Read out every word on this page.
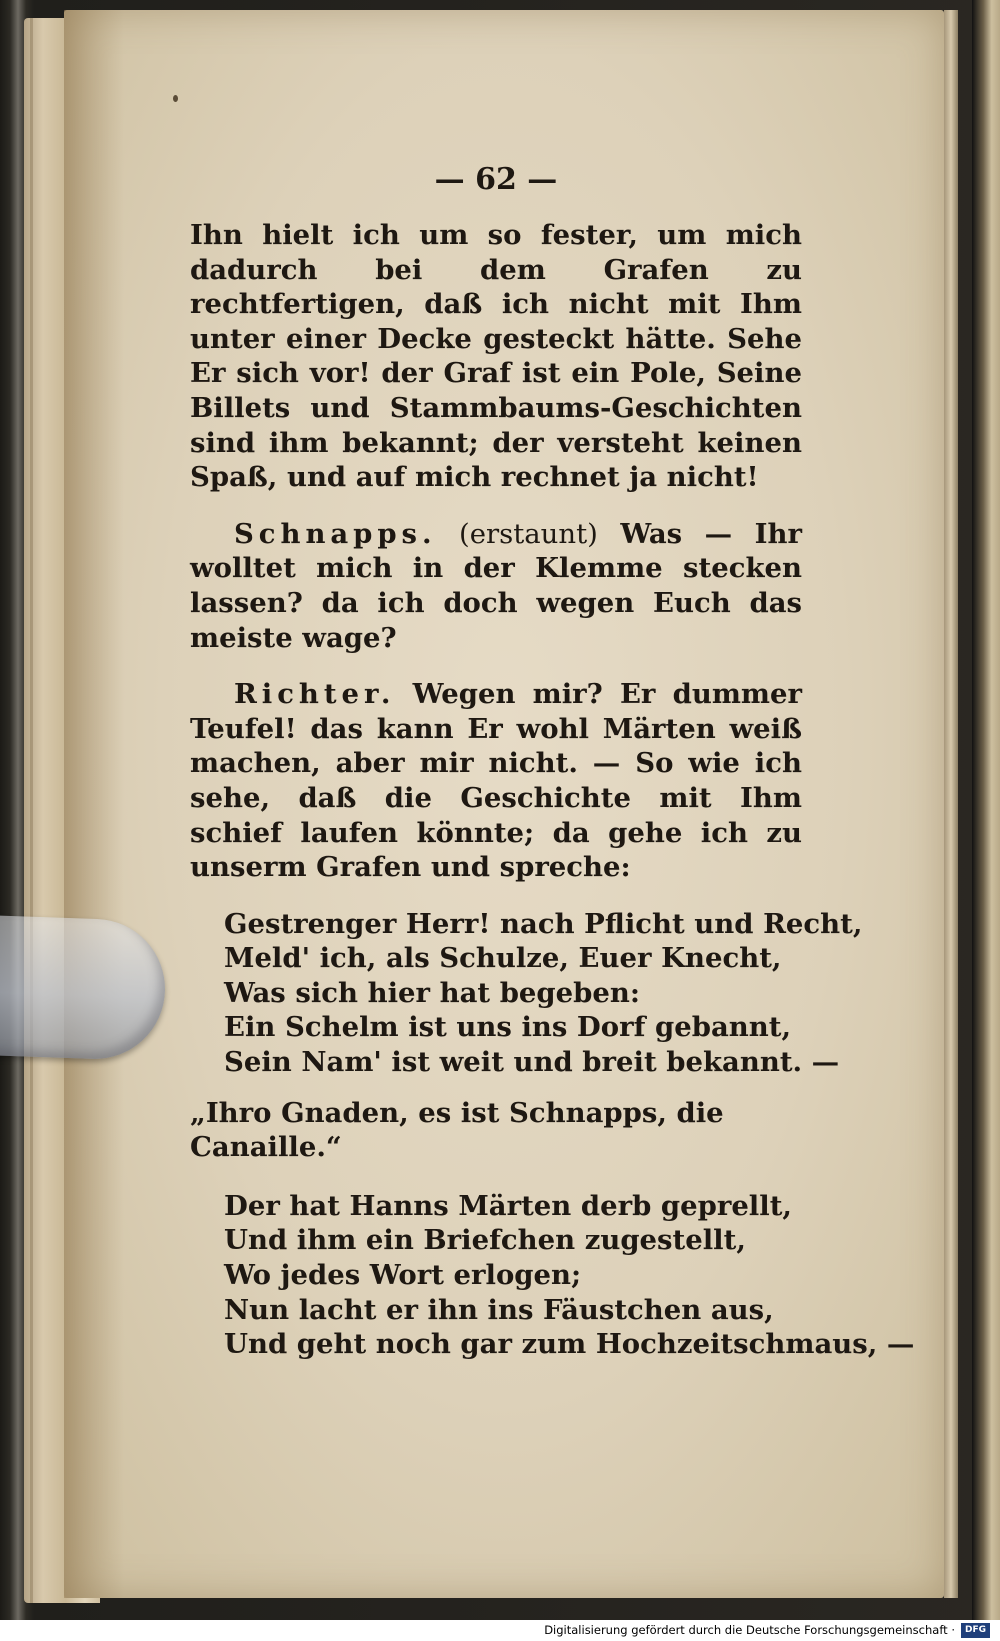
— 62 —

Ihn hielt ich um so fester, um mich dadurch bei dem Grafen zu rechtfertigen, daß ich nicht mit Ihm unter einer Decke gesteckt hätte. Sehe Er sich vor! der Graf ist ein Pole, Seine Billets und Stammbaums-Geschichten sind ihm bekannt; der versteht keinen Spaß, und auf mich rechnet ja nicht!

Schnapps. (erstaunt) Was — Ihr wolltet mich in der Klemme stecken lassen? da ich doch wegen Euch das meiste wage?

Richter. Wegen mir? Er dummer Teufel! das kann Er wohl Märten weiß machen, aber mir nicht. — So wie ich sehe, daß die Geschichte mit Ihm schief laufen könnte; da gehe ich zu unserm Grafen und spreche:

Gestrenger Herr! nach Pflicht und Recht,
Meld' ich, als Schulze, Euer Knecht,
Was sich hier hat begeben:
Ein Schelm ist uns ins Dorf gebannt,
Sein Nam' ist weit und breit bekannt. —

„Ihro Gnaden, es ist Schnapps, die Canaille.“

Der hat Hanns Märten derb geprellt,
Und ihm ein Briefchen zugestellt,
Wo jedes Wort erlogen;
Nun lacht er ihn ins Fäustchen aus,
Und geht noch gar zum Hochzeitschmaus, —
Digitalisierung gefördert durch die Deutsche Forschungsgemeinschaft · DFG
